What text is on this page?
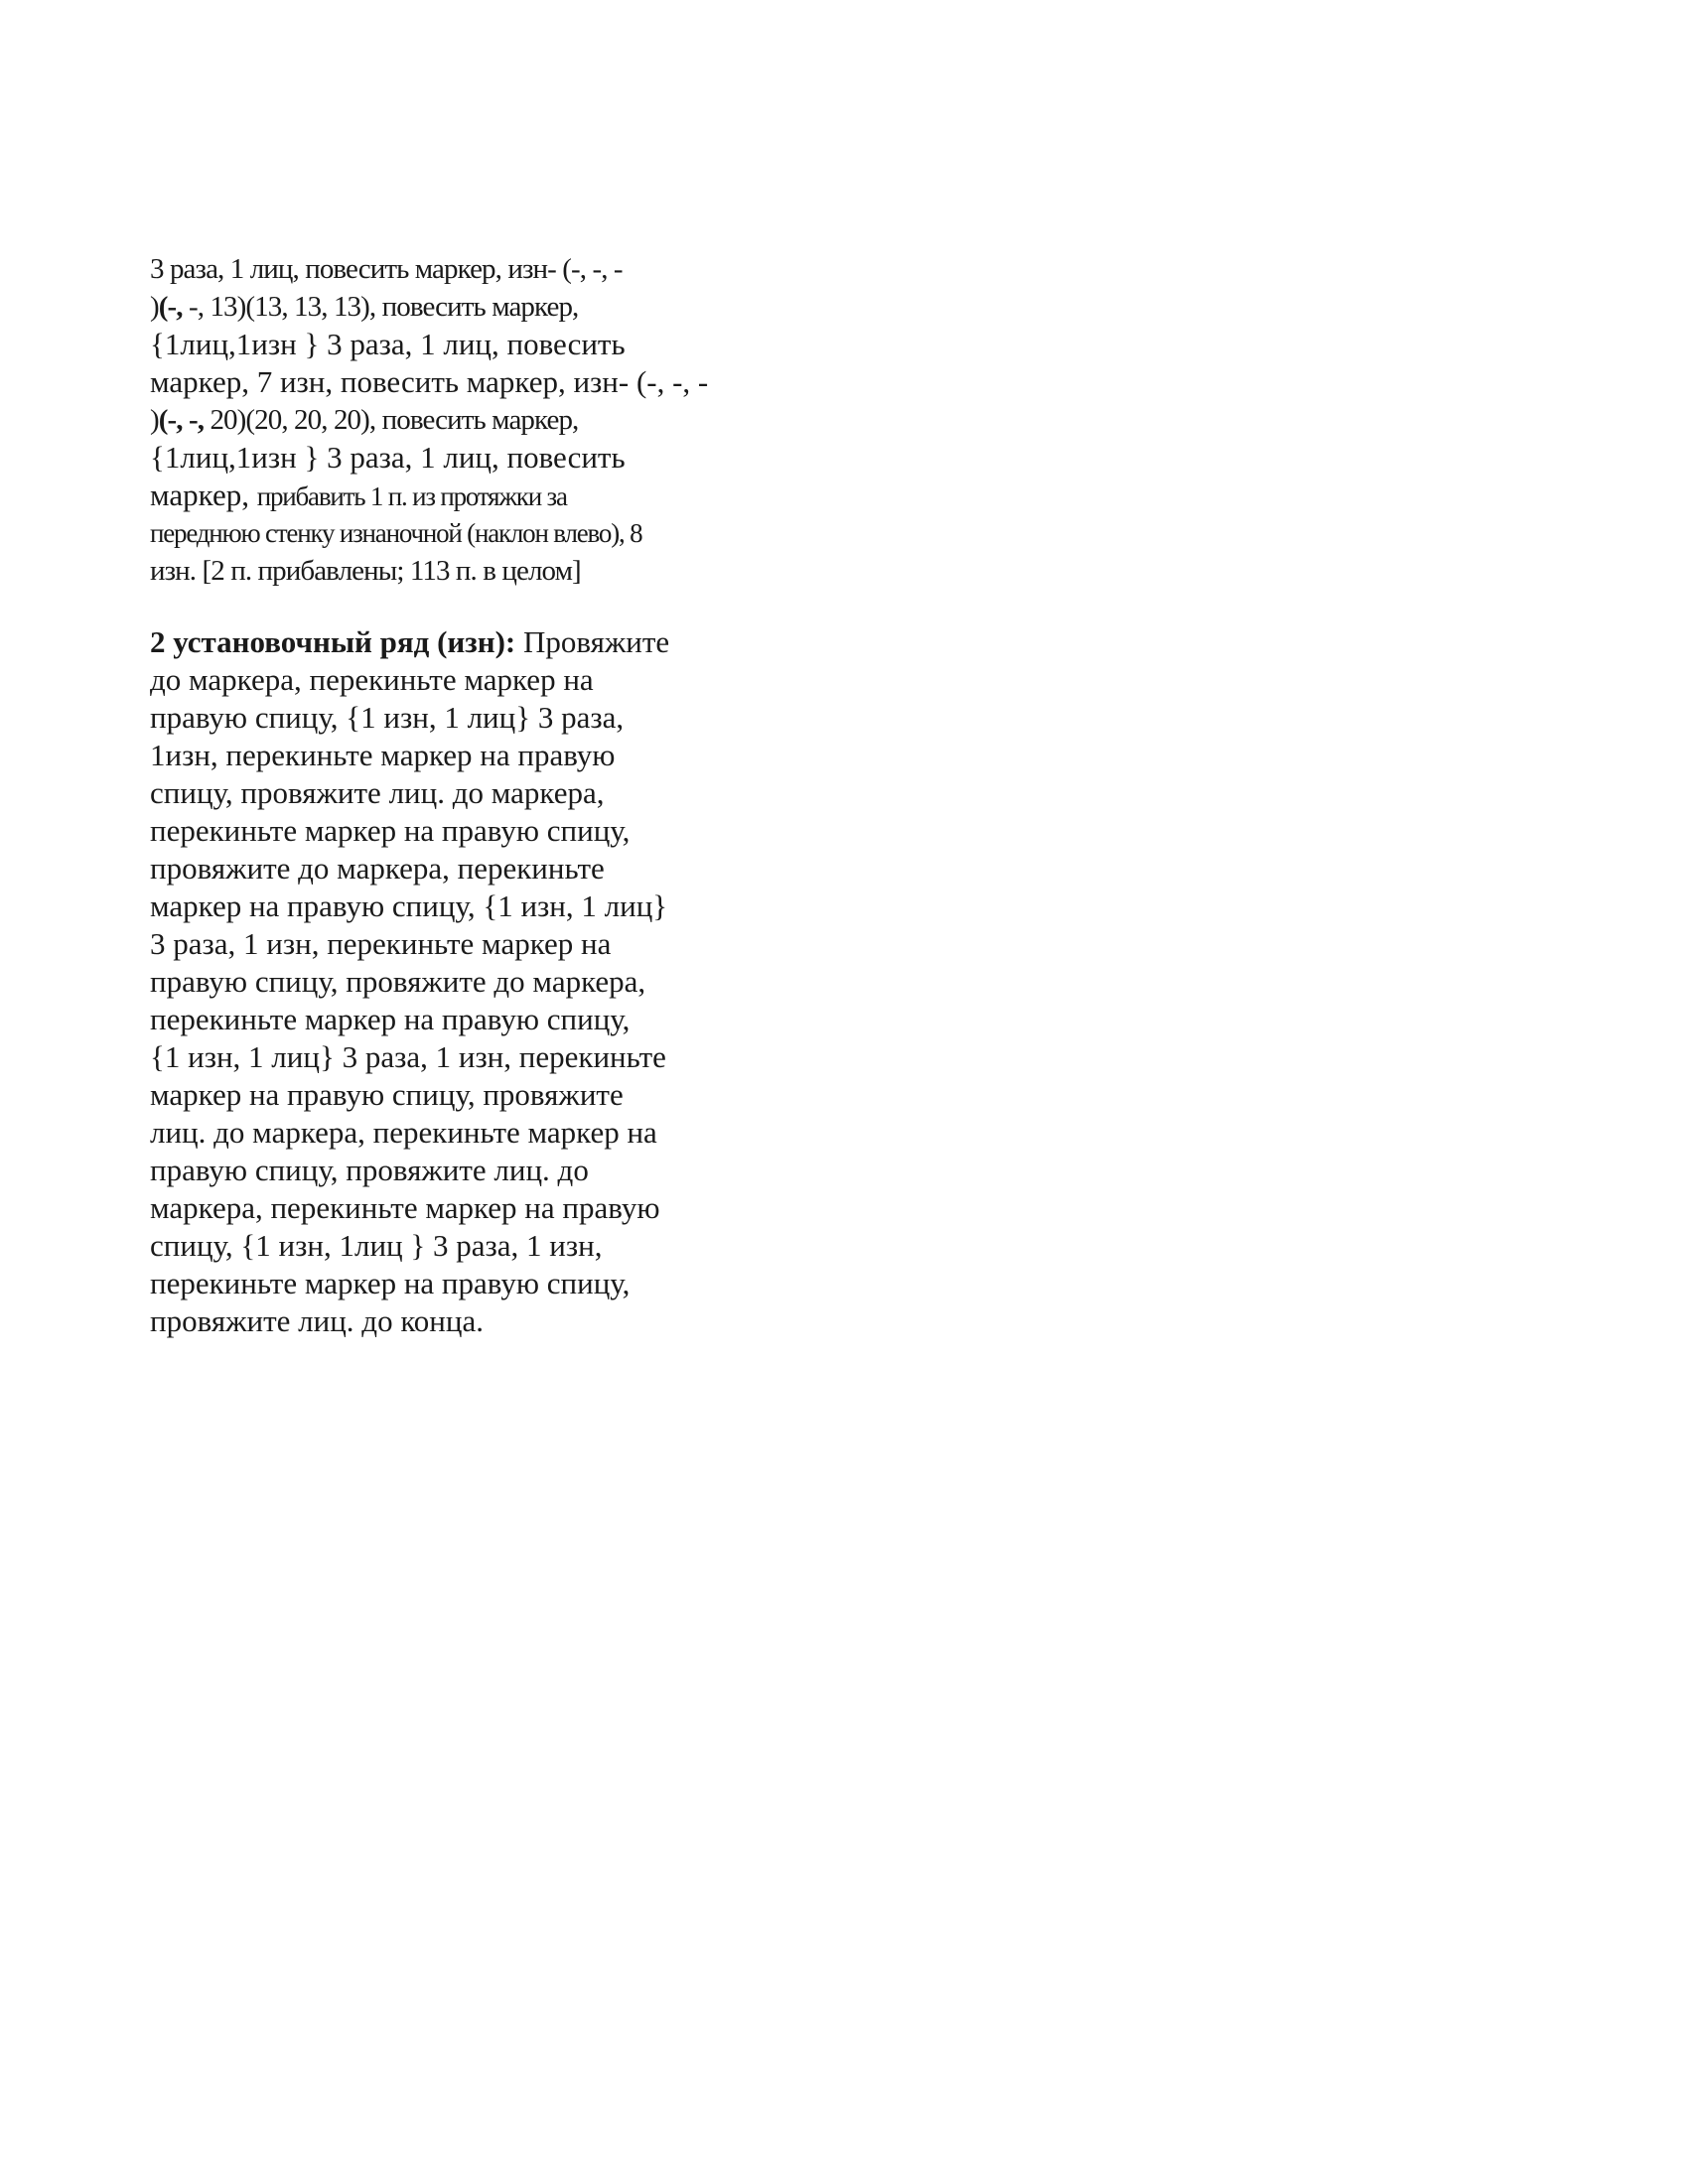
3 раза, 1 лиц, повесить маркер, изн- (-, -, -
)(-, -, 13)(13, 13, 13), повесить маркер,
{1лиц,1изн } 3 раза, 1 лиц, повесить
маркер, 7 изн, повесить маркер, изн- (-, -, -
)(-, -, 20)(20, 20, 20), повесить маркер,
{1лиц,1изн } 3 раза, 1 лиц, повесить
маркер, прибавить 1 п. из протяжки за
переднюю стенку изнаночной (наклон влево), 8
изн. [2 п. прибавлены; 113 п. в целом]
2 установочный ряд (изн): Провяжите
до маркера, перекиньте маркер на
правую спицу, {1 изн, 1 лиц} 3 раза,
1изн, перекиньте маркер на правую
спицу, провяжите лиц. до маркера,
перекиньте маркер на правую спицу,
провяжите до маркера, перекиньте
маркер на правую спицу, {1 изн, 1 лиц}
3 раза, 1 изн, перекиньте маркер на
правую спицу, провяжите до маркера,
перекиньте маркер на правую спицу,
{1 изн, 1 лиц} 3 раза, 1 изн, перекиньте
маркер на правую спицу, провяжите
лиц. до маркера, перекиньте маркер на
правую спицу, провяжите лиц. до
маркера, перекиньте маркер на правую
спицу, {1 изн, 1лиц } 3 раза, 1 изн,
перекиньте маркер на правую спицу,
провяжите лиц. до конца.
